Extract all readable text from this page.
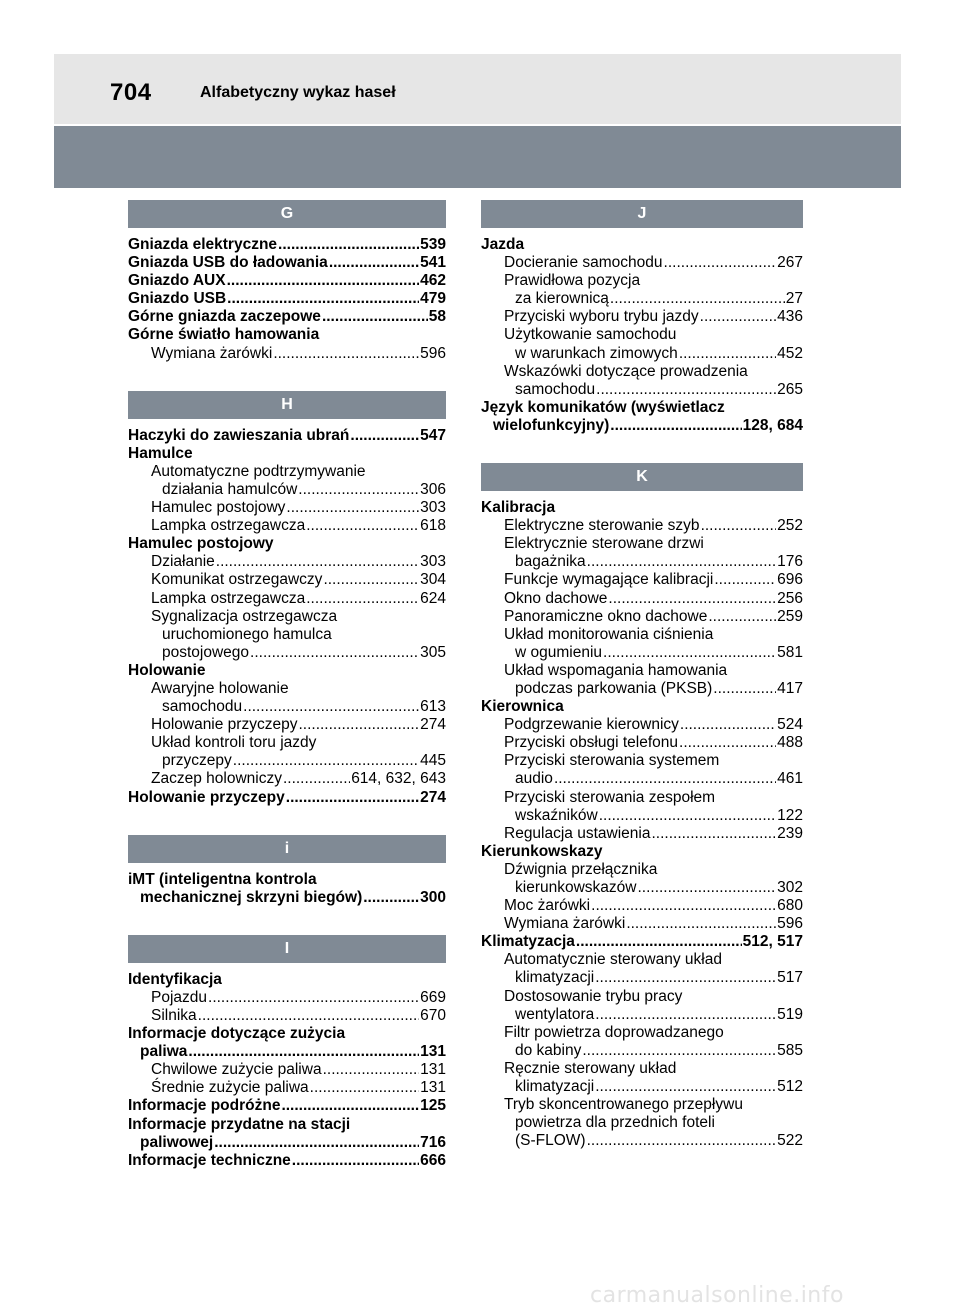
704	Alfabetyczny wykaz haseł
G
Gniazda elektryczne .....	539
Gniazda USB do ładowania .....	541
Gniazdo AUX .....	462
Gniazdo USB .....	479
Górne gniazda zaczepowe .....	58
Górne światło hamowania
Wymiana żarówki .....	596
H
Haczyki do zawieszania ubrań .....	547
Hamulce
Automatyczne podtrzymywanie
działania hamulców .....	306
Hamulec postojowy .....	303
Lampka ostrzegawcza .....	618
Hamulec postojowy
Działanie .....	303
Komunikat ostrzegawczy .....	304
Lampka ostrzegawcza .....	624
Sygnalizacja ostrzegawcza
uruchomionego hamulca
postojowego .....	305
Holowanie
Awaryjne holowanie
samochodu .....	613
Holowanie przyczepy .....	274
Układ kontroli toru jazdy
przyczepy .....	445
Zaczep holowniczy .....	614, 632, 643
Holowanie przyczepy .....	274
i
iMT (inteligentna kontrola
mechanicznej skrzyni biegów) .....	300
I
Identyfikacja
Pojazdu .....	669
Silnika .....	670
Informacje dotyczące zużycia
paliwa .....	131
Chwilowe zużycie paliwa .....	131
Średnie zużycie paliwa .....	131
Informacje podróżne .....	125
Informacje przydatne na stacji
paliwowej .....	716
Informacje techniczne .....	666
J
Jazda
Docieranie samochodu .....	267
Prawidłowa pozycja
za kierownicą .....	27
Przyciski wyboru trybu jazdy .....	436
Użytkowanie samochodu
w warunkach zimowych .....	452
Wskazówki dotyczące prowadzenia
samochodu .....	265
Język komunikatów (wyświetlacz
wielofunkcyjny) .....	128, 684
K
Kalibracja
Elektryczne sterowanie szyb .....	252
Elektrycznie sterowane drzwi
bagażnika .....	176
Funkcje wymagające kalibracji .....	696
Okno dachowe .....	256
Panoramiczne okno dachowe .....	259
Układ monitorowania ciśnienia
w ogumieniu .....	581
Układ wspomagania hamowania
podczas parkowania (PKSB) .....	417
Kierownica
Podgrzewanie kierownicy .....	524
Przyciski obsługi telefonu .....	488
Przyciski sterowania systemem
audio .....	461
Przyciski sterowania zespołem
wskaźników .....	122
Regulacja ustawienia .....	239
Kierunkowskazy
Dźwignia przełącznika
kierunkowskazów .....	302
Moc żarówki .....	680
Wymiana żarówki .....	596
Klimatyzacja .....	512, 517
Automatycznie sterowany układ
klimatyzacji .....	517
Dostosowanie trybu pracy
wentylatora .....	519
Filtr powietrza doprowadzanego
do kabiny .....	585
Ręcznie sterowany układ
klimatyzacji .....	512
Tryb skoncentrowanego przepływu
powietrza dla przednich foteli
(S-FLOW) .....	522
carmanualsonline.info
